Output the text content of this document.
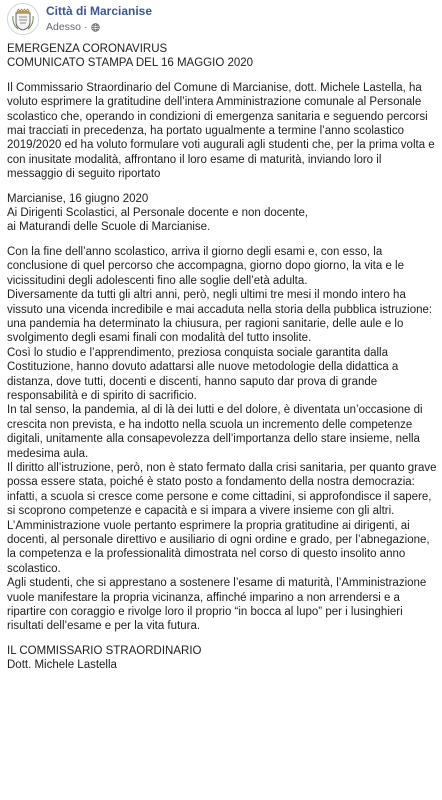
Città di Marcianise
Adesso ·

EMERGENZA CORONAVIRUS

COMUNICATO STAMPA DEL 16 MAGGIO 2020

Il Commissario Straordinario del Comune di Marcianise, dott. Michele Lastella, ha voluto esprimere la gratitudine dell’intera Amministrazione comunale al Personale scolastico che, operando in condizioni di emergenza sanitaria e seguendo percorsi mai tracciati in precedenza, ha portato ugualmente a termine l’anno scolastico 2019/2020 ed ha voluto formulare voti augurali agli studenti che, per la prima volta e con inusitate modalità, affrontano il loro esame di maturità, inviando loro il messaggio di seguito riportato

Marcianise, 16 giugno 2020

Ai Dirigenti Scolastici, al Personale docente e non docente,

ai Maturandi delle Scuole di Marcianise.

Con la fine dell’anno scolastico, arriva il giorno degli esami e, con esso, la conclusione di quel percorso che accompagna, giorno dopo giorno, la vita e le vicissitudini degli adolescenti fino alle soglie dell’età adulta.

Diversamente da tutti gli altri anni, però, negli ultimi tre mesi il mondo intero ha vissuto una vicenda incredibile e mai accaduta nella storia della pubblica istruzione: una pandemia ha determinato la chiusura, per ragioni sanitarie, delle aule e lo svolgimento degli esami finali con modalità del tutto insolite.

Così lo studio e l’apprendimento, preziosa conquista sociale garantita dalla Costituzione, hanno dovuto adattarsi alle nuove metodologie della didattica a distanza, dove tutti, docenti e discenti, hanno saputo dar prova di grande responsabilità e di spirito di sacrificio.

In tal senso, la pandemia, al di là dei lutti e del dolore, è diventata un’occasione di crescita non prevista, e ha indotto nella scuola un incremento delle competenze digitali, unitamente alla consapevolezza dell’importanza dello stare insieme, nella medesima aula.

Il diritto all’istruzione, però, non è stato fermato dalla crisi sanitaria, per quanto grave possa essere stata, poiché è stato posto a fondamento della nostra democrazia: infatti, a scuola si cresce come persone e come cittadini, si approfondisce il sapere, si scoprono competenze e capacità e si impara a vivere insieme con gli altri.

L’Amministrazione vuole pertanto esprimere la propria gratitudine ai dirigenti, ai docenti, al personale direttivo e ausiliario di ogni ordine e grado, per l’abnegazione, la competenza e la professionalità dimostrata nel corso di questo insolito anno scolastico.

Agli studenti, che si apprestano a sostenere l’esame di maturità, l’Amministrazione vuole manifestare la propria vicinanza, affinché imparino a non arrendersi e a ripartire con coraggio e rivolge loro il proprio “in bocca al lupo” per i lusinghieri risultati dell’esame e per la vita futura.

IL COMMISSARIO STRAORDINARIO

Dott. Michele Lastella
